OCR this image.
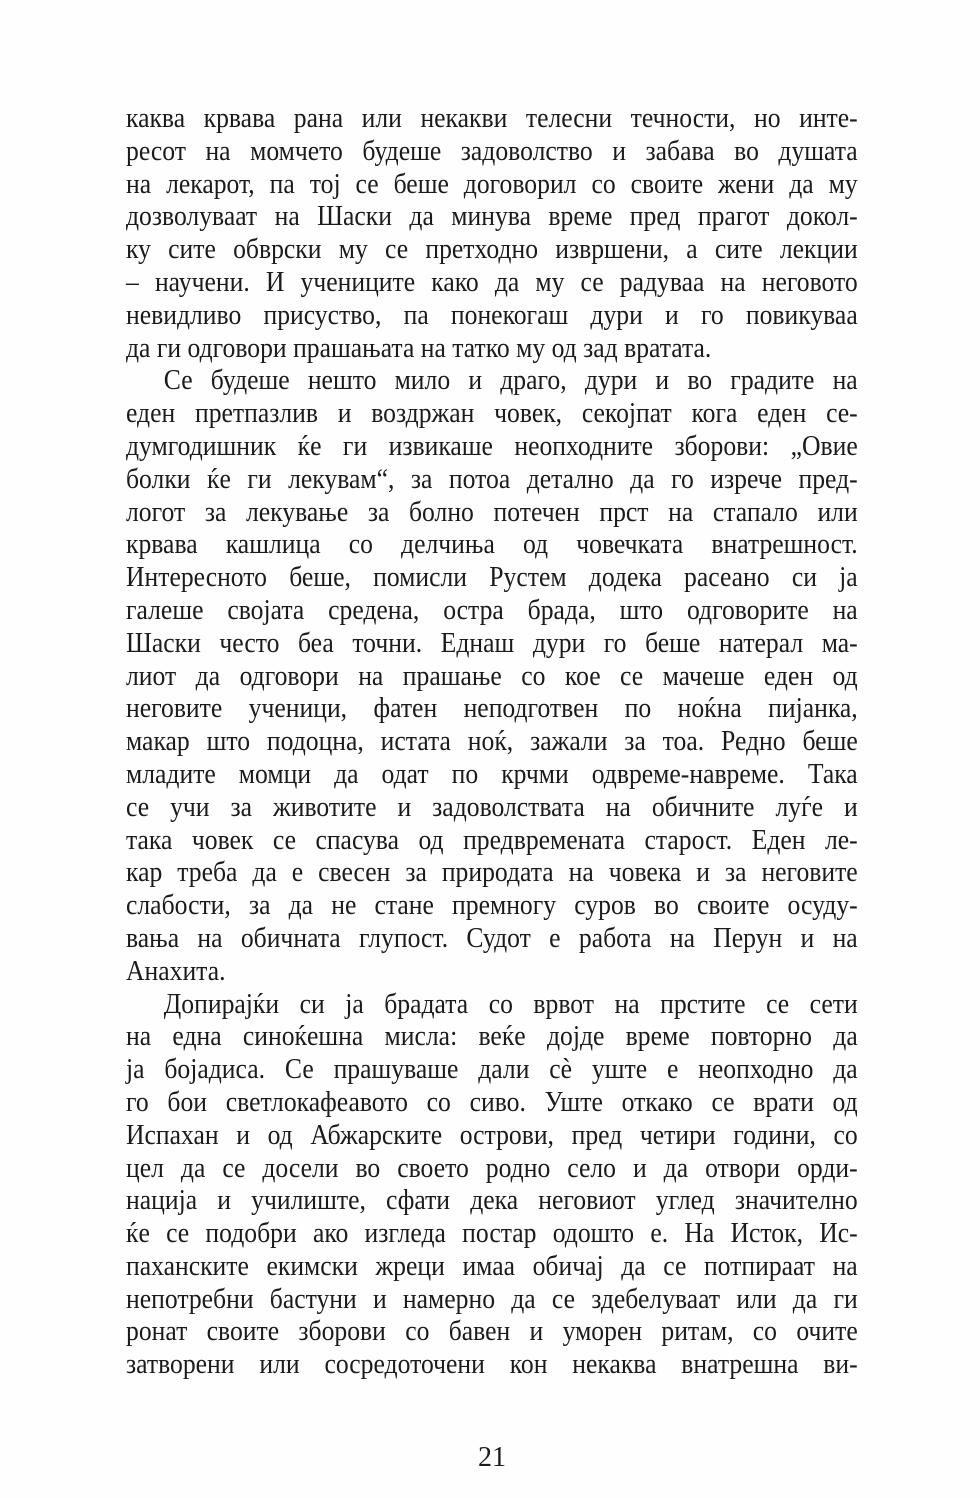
каква крвава рана или некакви телесни течности, но инте-
ресот на момчето будеше задоволство и забава во душата
на лекарот, па тој се беше договорил со своите жени да му
дозволуваат на Шаски да минува време пред прагот докол-
ку сите обврски му се претходно извршени, а сите лекции
– научени. И учениците како да му се радуваа на неговото
невидливо присуство, па понекогаш дури и го повикуваа
да ги одговори прашањата на татко му од зад вратата.
Се будеше нешто мило и драго, дури и во градите на
еден претпазлив и воздржан човек, секојпат кога еден се-
думгодишник ќе ги извикаше неопходните зборови: „Овие
болки ќе ги лекувам“, за потоа детално да го изрече пред-
логот за лекување за болно потечен прст на стапало или
крвава кашлица со делчиња од човечката внатрешност.
Интересното беше, помисли Рустем додека расеано си ја
галеше својата средена, остра брада, што одговорите на
Шаски често беа точни. Еднаш дури го беше натерал ма-
лиот да одговори на прашање со кое се мачеше еден од
неговите ученици, фатен неподготвен по ноќна пијанка,
макар што подоцна, истата ноќ, зажали за тоа. Редно беше
младите момци да одат по крчми одвреме-навреме. Така
се учи за животите и задоволствата на обичните луѓе и
така човек се спасува од предвремената старост. Еден ле-
кар треба да е свесен за природата на човека и за неговите
слабости, за да не стане премногу суров во своите осуду-
вања на обичната глупост. Судот е работа на Перун и на
Анахита.
Допирајќи си ја брадата со врвот на прстите се сети
на една синоќешна мисла: веќе дојде време повторно да
ја бојадиса. Се прашуваше дали сѐ уште е неопходно да
го бои светлокафеавото со сиво. Уште откако се врати од
Испахан и од Абжарските острови, пред четири години, со
цел да се досели во своето родно село и да отвори орди-
нација и училиште, сфати дека неговиот углед значително
ќе се подобри ако изгледа постар одошто е. На Исток, Ис-
паханските екимски жреци имаа обичај да се потпираат на
непотребни бастуни и намерно да се здебелуваат или да ги
ронат своите зборови со бавен и уморен ритам, со очите
затворени или сосредоточени кон некаква внатрешна ви-
21
